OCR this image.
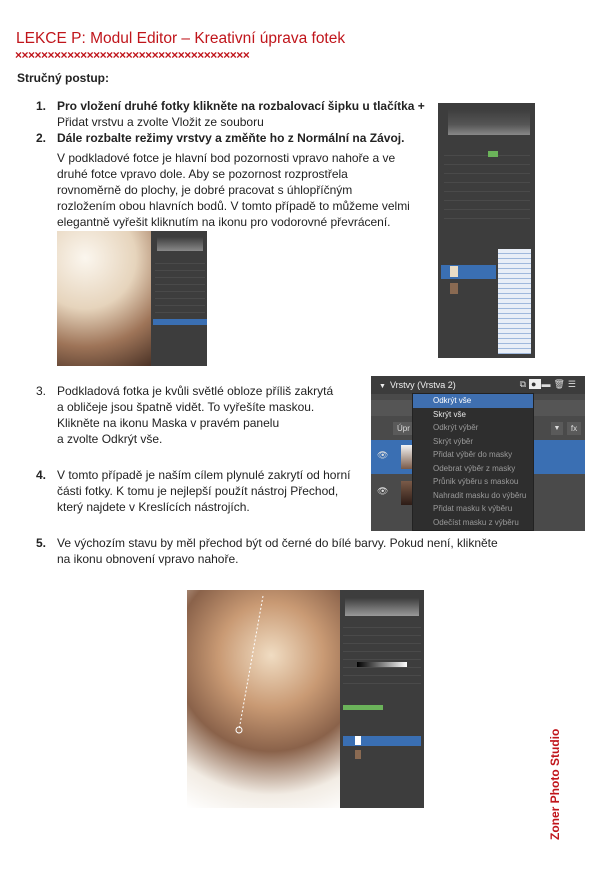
LEKCE P: Modul Editor – Kreativní úprava fotek
××××××××××××××××××××××××××××××××××××
Stručný postup:
1. Pro vložení druhé fotky klikněte na rozbalovací šipku u tlačítka +
Přidat vrstvu a zvolte Vložit ze souboru
2. Dále rozbalte režimy vrstvy a změňte ho z Normální na Závoj.
V podkladové fotce je hlavní bod pozornosti vpravo nahoře a ve
druhé fotce vpravo dole. Aby se pozornost rozprostřela
rovnoměrně do plochy, je dobré pracovat s úhlopříčným
rozložením obou hlavních bodů. V tomto případě to můžeme velmi
elegantně vyřešit kliknutím na ikonu pro vodorovné převrácení.
3. Podkladová fotka je kvůli světlé obloze příliš zakrytá
a obličeje jsou špatně vidět. To vyřešíte maskou.
Klikněte na ikonu Maska v pravém panelu
a zvolte Odkrýt vše.
▼ Vrstvy (Vrstva 2)	⧉ ● ▬🗑☰
▼	fx
Úpr
👁
👁
Odkrýt vše
Skrýt vše
Odkrýt výběr
Skrýt výběr
Přidat výběr do masky
Odebrat výběr z masky
Průnik výběru s maskou
Nahradit masku do výběru
Přidat masku k výběru
Odečíst masku z výběru
4. V tomto případě je naším cílem plynulé zakrytí od horní
části fotky. K tomu je nejlepší použít nástroj Přechod,
který najdete v Kreslících nástrojích.
5. Ve výchozím stavu by měl přechod být od černé do bílé barvy. Pokud není, klikněte
na ikonu obnovení vpravo nahoře.
Zoner Photo Studio
